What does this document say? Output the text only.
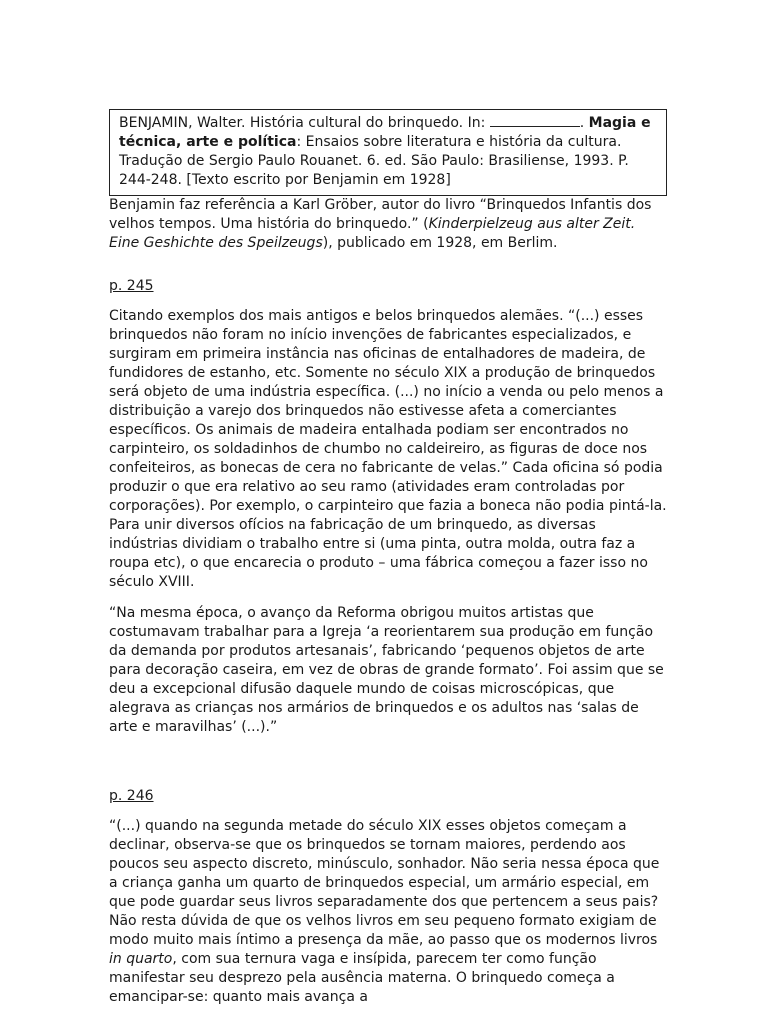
BENJAMIN, Walter. História cultural do brinquedo. In:	. Magia e técnica, arte e política: Ensaios sobre literatura e história da cultura. Tradução de Sergio Paulo Rouanet. 6. ed. São Paulo: Brasiliense, 1993. P. 244-248. [Texto escrito por Benjamin em 1928]

Benjamin faz referência a Karl Gröber, autor do livro “Brinquedos Infantis dos velhos tempos. Uma história do brinquedo.” (Kinderpielzeug aus alter Zeit. Eine Geshichte des Speilzeugs), publicado em 1928, em Berlim.

p. 245

Citando exemplos dos mais antigos e belos brinquedos alemães. “(...) esses brinquedos não foram no início invenções de fabricantes especializados, e surgiram em primeira instância nas oficinas de entalhadores de madeira, de fundidores de estanho, etc. Somente no século XIX a produção de brinquedos será objeto de uma indústria específica. (...) no início a venda ou pelo menos a distribuição a varejo dos brinquedos não estivesse afeta a comerciantes específicos. Os animais de madeira entalhada podiam ser encontrados no carpinteiro, os soldadinhos de chumbo no caldeireiro, as figuras de doce nos confeiteiros, as bonecas de cera no fabricante de velas.” Cada oficina só podia produzir o que era relativo ao seu ramo (atividades eram controladas por corporações). Por exemplo, o carpinteiro que fazia a boneca não podia pintá-la. Para unir diversos ofícios na fabricação de um brinquedo, as diversas indústrias dividiam o trabalho entre si (uma pinta, outra molda, outra faz a roupa etc), o que encarecia o produto – uma fábrica começou a fazer isso no século XVIII.

“Na mesma época, o avanço da Reforma obrigou muitos artistas que costumavam trabalhar para a Igreja ‘a reorientarem sua produção em função da demanda por produtos artesanais’, fabricando ‘pequenos objetos de arte para decoração caseira, em vez de obras de grande formato’. Foi assim que se deu a excepcional difusão daquele mundo de coisas microscópicas, que alegrava as crianças nos armários de brinquedos e os adultos nas ‘salas de arte e maravilhas’ (...).”

p. 246

“(...) quando na segunda metade do século XIX esses objetos começam a declinar, observa-se que os brinquedos se tornam maiores, perdendo aos poucos seu aspecto discreto, minúsculo, sonhador. Não seria nessa época que a criança ganha um quarto de brinquedos especial, um armário especial, em que pode guardar seus livros separadamente dos que pertencem a seus pais? Não resta dúvida de que os velhos livros em seu pequeno formato exigiam de modo muito mais íntimo a presença da mãe, ao passo que os modernos livros in quarto, com sua ternura vaga e insípida, parecem ter como função manifestar seu desprezo pela ausência materna. O brinquedo começa a emancipar-se: quanto mais avança a
